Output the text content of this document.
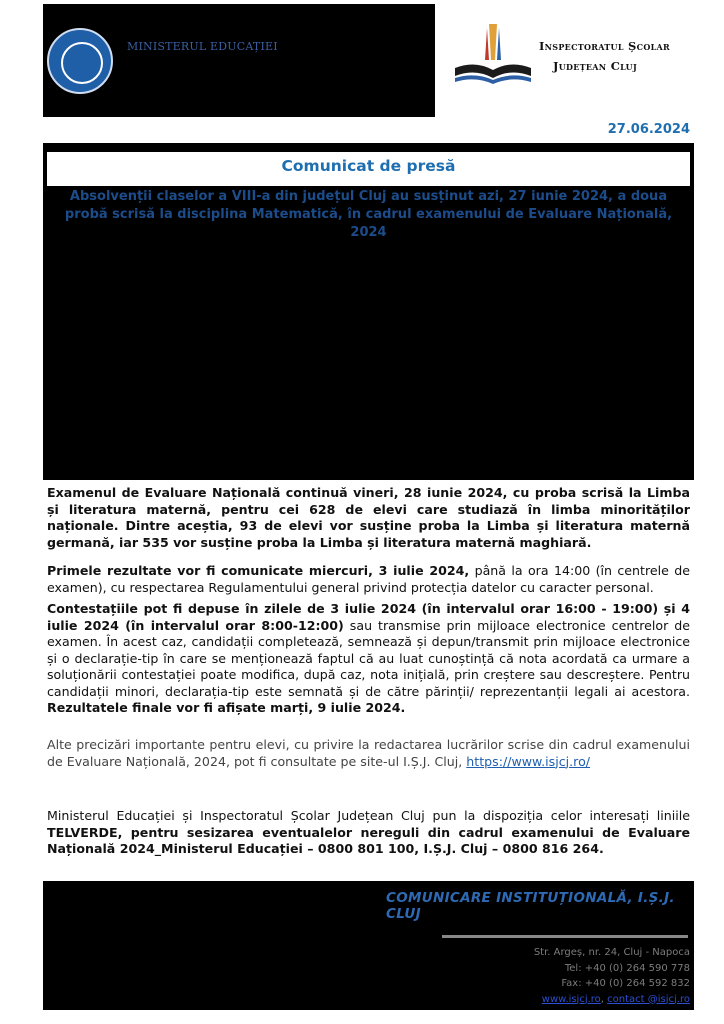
MINISTERUL EDUCAȚIEI	Inspectoratul Școlar
Județean Cluj
27.06.2024
Comunicat de presă
Absolvenții claselor a VIII-a din județul Cluj au susținut azi, 27 iunie 2024, a doua probă scrisă la disciplina Matematică, în cadrul examenului de Evaluare Națională, 2024

Examenul de Evaluare Națională continuă vineri, 28 iunie 2024, cu proba scrisă la Limba și literatura maternă, pentru cei 628 de elevi care studiază în limba minorităților naționale. Dintre aceștia, 93 de elevi vor susține proba la Limba și literatura maternă germană, iar 535 vor susține proba la Limba și literatura maternă maghiară.

Primele rezultate vor fi comunicate miercuri, 3 iulie 2024, până la ora 14:00 (în centrele de examen), cu respectarea Regulamentului general privind protecția datelor cu caracter personal.

Contestațiile pot fi depuse în zilele de 3 iulie 2024 (în intervalul orar 16:00 - 19:00) și 4 iulie 2024 (în intervalul orar 8:00-12:00) sau transmise prin mijloace electronice centrelor de examen. În acest caz, candidații completează, semnează și depun/transmit prin mijloace electronice și o declarație-tip în care se menționează faptul că au luat cunoștință că nota acordată ca urmare a soluționării contestației poate modifica, după caz, nota inițială, prin creștere sau descreștere. Pentru candidații minori, declarația-tip este semnată și de către părinții/ reprezentanții legali ai acestora. Rezultatele finale vor fi afișate marți, 9 iulie 2024.

Alte precizări importante pentru elevi, cu privire la redactarea lucrărilor scrise din cadrul examenului de Evaluare Națională, 2024, pot fi consultate pe site-ul I.Ș.J. Cluj, https://www.isjcj.ro/

Ministerul Educației și Inspectoratul Școlar Județean Cluj pun la dispoziția celor interesați liniile TELVERDE, pentru sesizarea eventualelor nereguli din cadrul examenului de Evaluare Națională 2024_Ministerul Educației – 0800 801 100, I.Ș.J. Cluj – 0800 816 264.

COMUNICARE INSTITUȚIONALĂ, I.Ș.J. CLUJ
Str. Argeș, nr. 24, Cluj - Napoca
Tel: +40 (0) 264 590 778
Fax: +40 (0) 264 592 832
www.isjcj.ro, contact @isjcj.ro
